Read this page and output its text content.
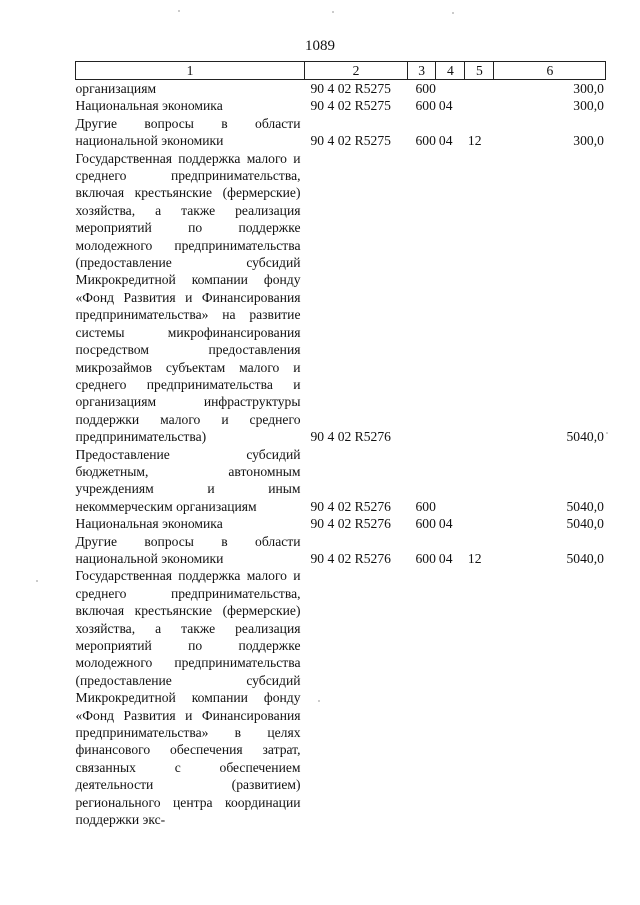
1089
1	2	3	4	5	6
организациям	90 4 02 R5275	600			300,0
Национальная экономика	90 4 02 R5275	600	04		300,0
Другие вопросы в области национальной экономики	90 4 02 R5275	600	04	12	300,0
Государственная поддержка малого и среднего предпринимательства, включая крестьянские (фермерские) хозяйства, а также реализация мероприятий по поддержке молодежного предпринимательства (предоставление субсидий Микрокредитной компании фонду «Фонд Развития и Финансирования предпринимательства» на развитие системы микрофинансирования посредством предоставления микрозаймов субъектам малого и среднего предпринимательства и организациям инфраструктуры поддержки малого и среднего предпринимательства)	90 4 02 R5276				5040,0
Предоставление субсидий бюджетным, автономным учреждениям и иным некоммерческим организациям	90 4 02 R5276	600			5040,0
Национальная экономика	90 4 02 R5276	600	04		5040,0
Другие вопросы в области национальной экономики	90 4 02 R5276	600	04	12	5040,0
Государственная поддержка малого и среднего предпринимательства, включая крестьянские (фермерские) хозяйства, а также реализация мероприятий по поддержке молодежного предпринимательства (предоставление субсидий Микрокредитной компании фонду «Фонд Развития и Финансирования предпринимательства» в целях финансового обеспечения затрат, связанных с обеспечением деятельности (развитием) регионального центра координации поддержки экс-					
